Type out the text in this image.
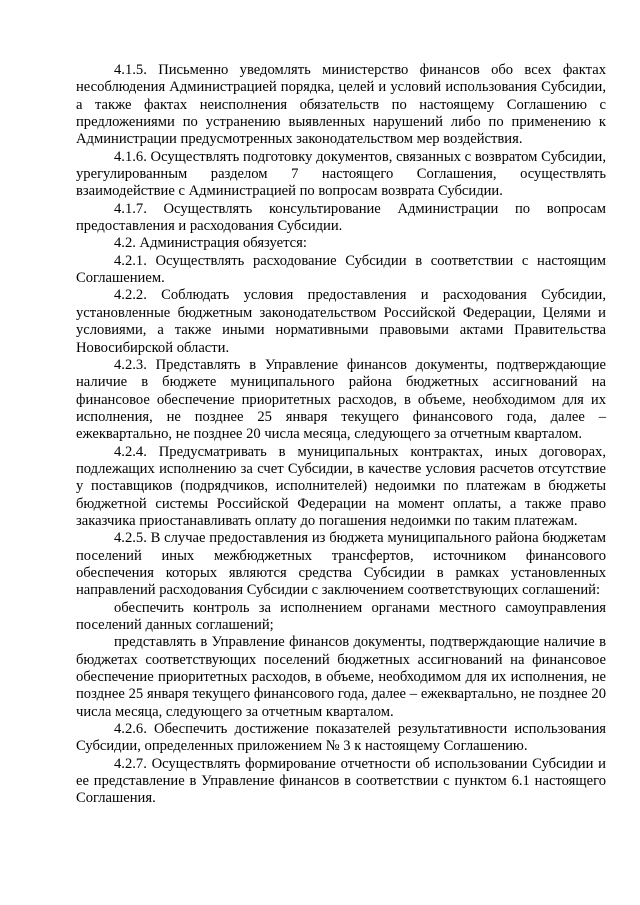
4.1.5. Письменно уведомлять министерство финансов обо всех фактах несоблюдения Администрацией порядка, целей и условий использования Субсидии, а также фактах неисполнения обязательств по настоящему Соглашению с предложениями по устранению выявленных нарушений либо по применению к Администрации предусмотренных законодательством мер воздействия.

4.1.6. Осуществлять подготовку документов, связанных с возвратом Субсидии, урегулированным разделом 7 настоящего Соглашения, осуществлять взаимодействие с Администрацией по вопросам возврата Субсидии.

4.1.7. Осуществлять консультирование Администрации по вопросам предоставления и расходования Субсидии.

4.2. Администрация обязуется:

4.2.1. Осуществлять расходование Субсидии в соответствии с настоящим Соглашением.

4.2.2. Соблюдать условия предоставления и расходования Субсидии, установленные бюджетным законодательством Российской Федерации, Целями и условиями, а также иными нормативными правовыми актами Правительства Новосибирской области.

4.2.3. Представлять в Управление финансов документы, подтверждающие наличие в бюджете муниципального района бюджетных ассигнований на финансовое обеспечение приоритетных расходов, в объеме, необходимом для их исполнения, не позднее 25 января текущего финансового года, далее – ежеквартально, не позднее 20 числа месяца, следующего за отчетным кварталом.

4.2.4. Предусматривать в муниципальных контрактах, иных договорах, подлежащих исполнению за счет Субсидии, в качестве условия расчетов отсутствие у поставщиков (подрядчиков, исполнителей) недоимки по платежам в бюджеты бюджетной системы Российской Федерации на момент оплаты, а также право заказчика приостанавливать оплату до погашения недоимки по таким платежам.

4.2.5. В случае предоставления из бюджета муниципального района бюджетам поселений иных межбюджетных трансфертов, источником финансового обеспечения которых являются средства Субсидии в рамках установленных направлений расходования Субсидии с заключением соответствующих соглашений:

обеспечить контроль за исполнением органами местного самоуправления поселений данных соглашений;

представлять в Управление финансов документы, подтверждающие наличие в бюджетах соответствующих поселений бюджетных ассигнований на финансовое обеспечение приоритетных расходов, в объеме, необходимом для их исполнения, не позднее 25 января текущего финансового года, далее – ежеквартально, не позднее 20 числа месяца, следующего за отчетным кварталом.

4.2.6. Обеспечить достижение показателей результативности использования Субсидии, определенных приложением № 3 к настоящему Соглашению.

4.2.7. Осуществлять формирование отчетности об использовании Субсидии и ее представление в Управление финансов в соответствии с пунктом 6.1 настоящего Соглашения.
